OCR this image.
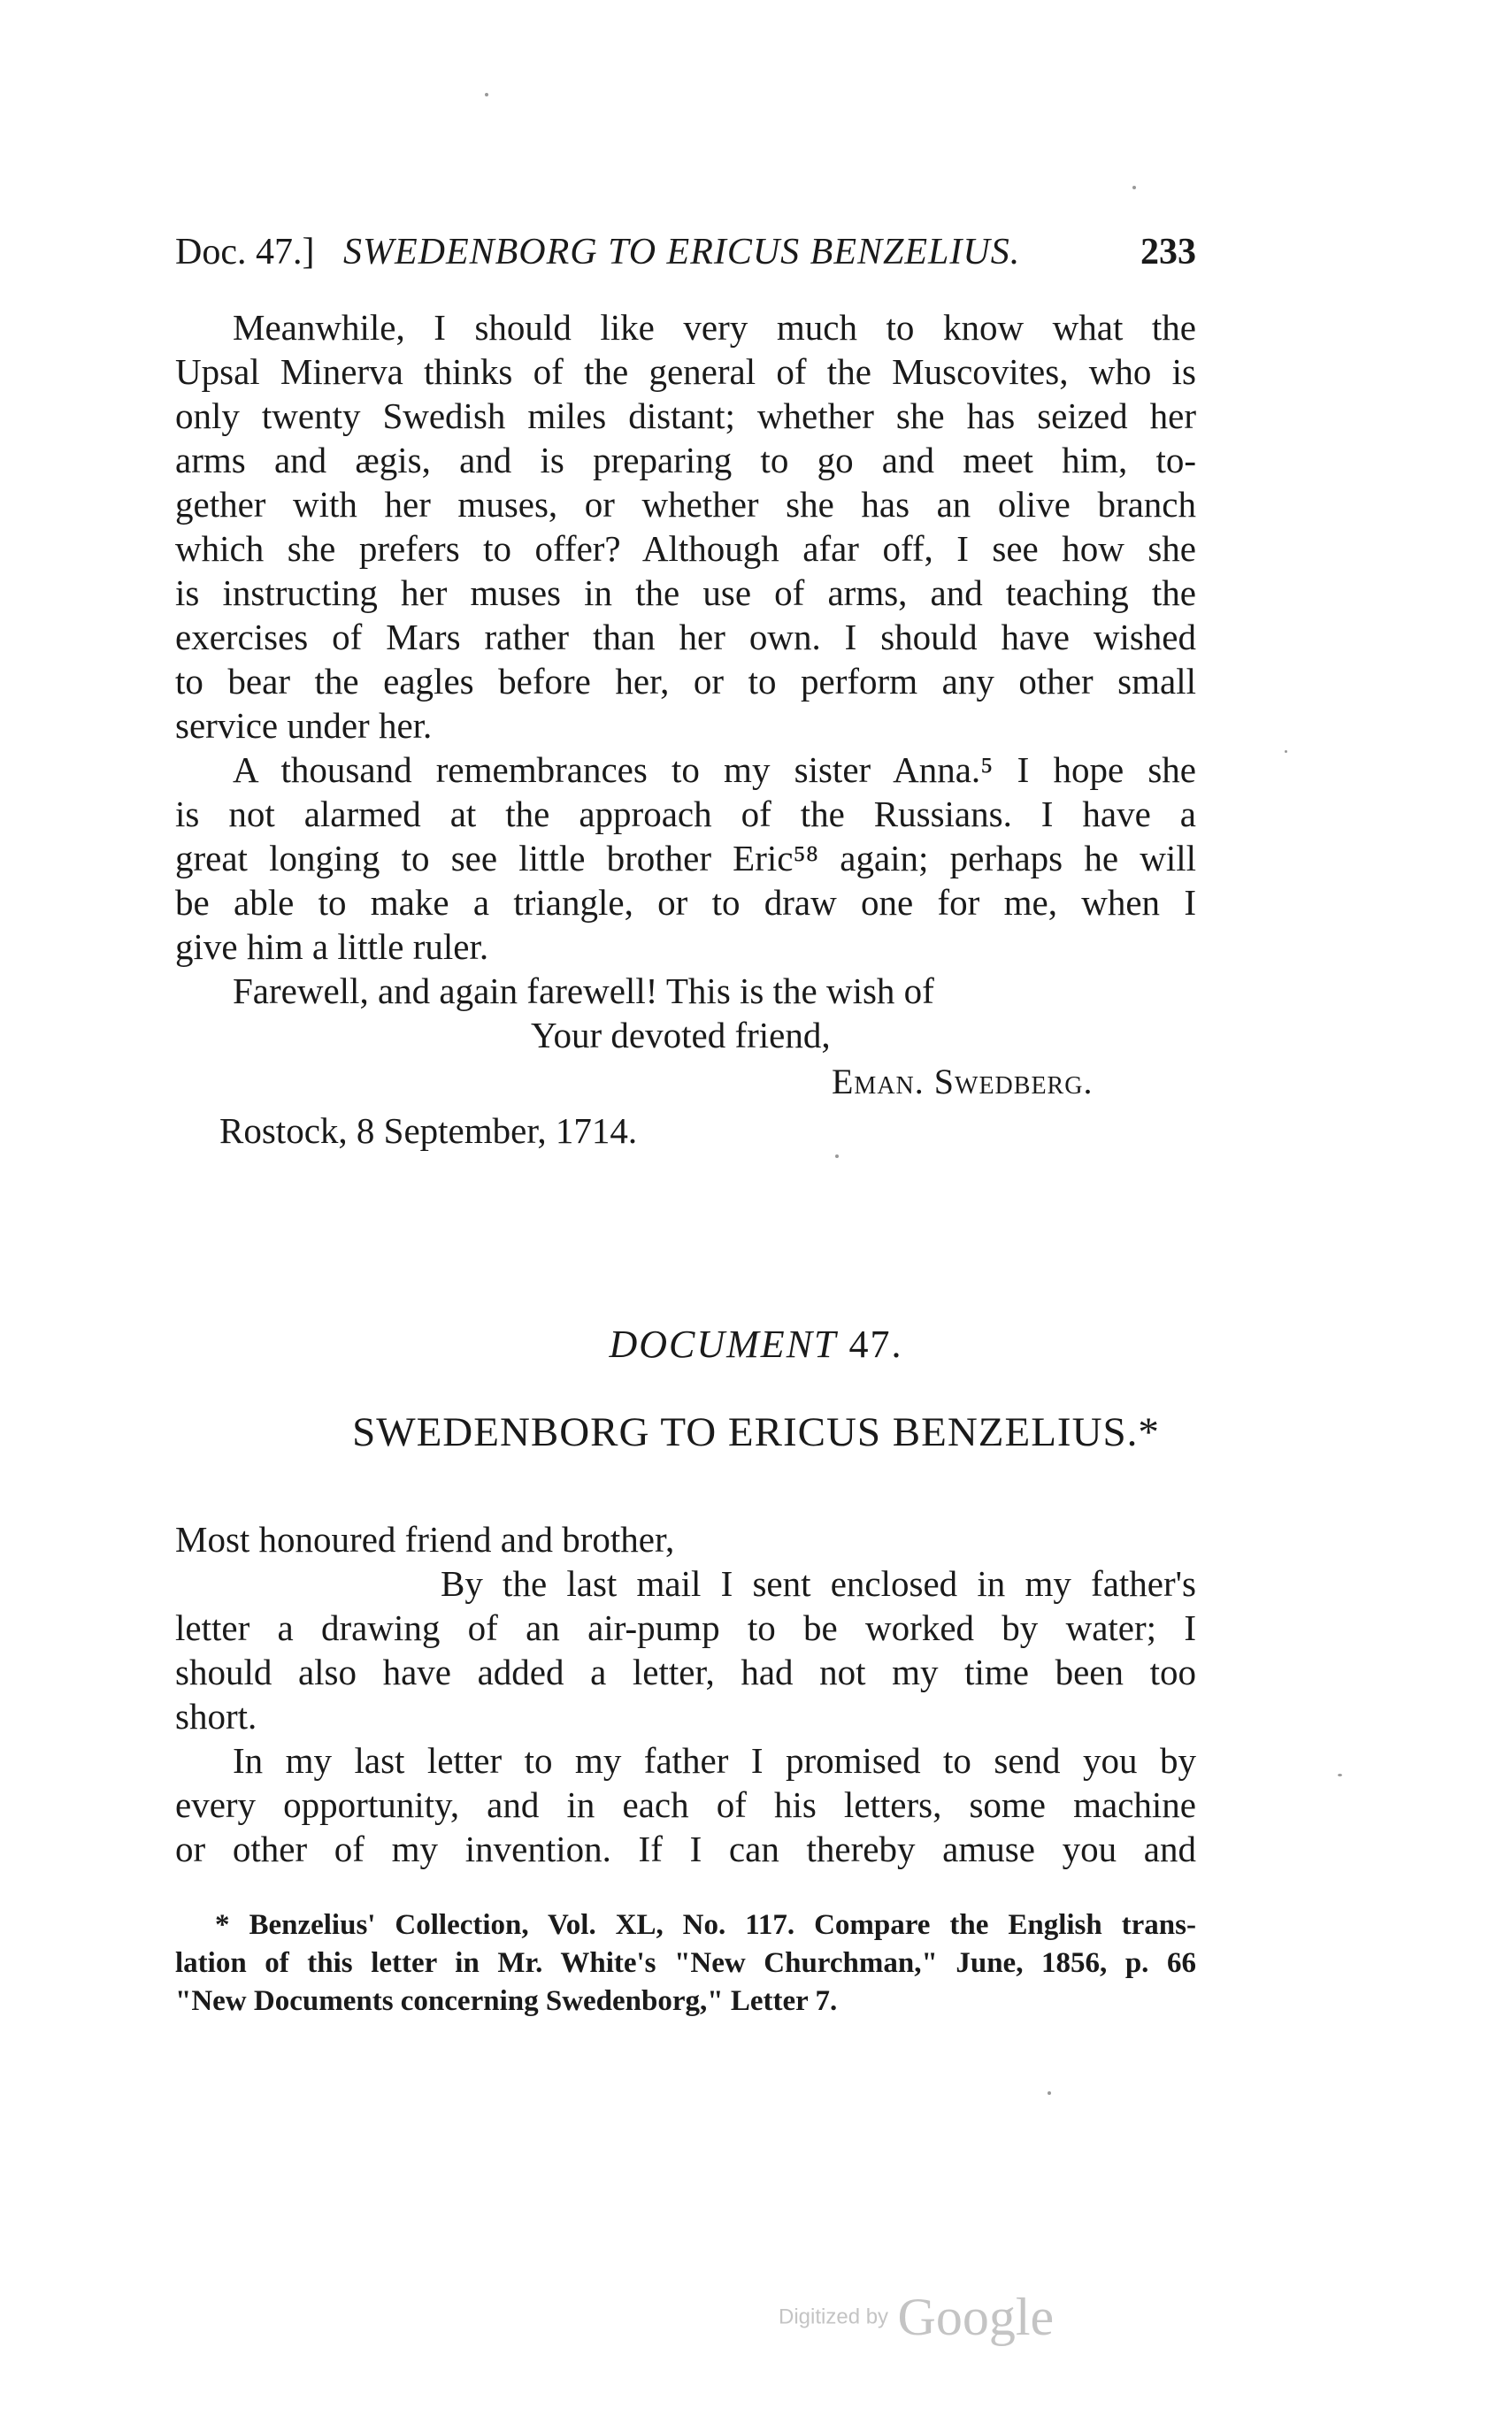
Doc. 47.] SWEDENBORG TO ERICUS BENZELIUS.	233
Meanwhile, I should like very much to know what the
Upsal Minerva thinks of the general of the Muscovites, who is
only twenty Swedish miles distant; whether she has seized her
arms and ægis, and is preparing to go and meet him, to-
gether with her muses, or whether she has an olive branch
which she prefers to offer? Although afar off, I see how she
is instructing her muses in the use of arms, and teaching the
exercises of Mars rather than her own. I should have wished
to bear the eagles before her, or to perform any other small
service under her.
A thousand remembrances to my sister Anna.⁵ I hope she
is not alarmed at the approach of the Russians. I have a
great longing to see little brother Eric⁵⁸ again; perhaps he will
be able to make a triangle, or to draw one for me, when I
give him a little ruler.
Farewell, and again farewell! This is the wish of
Your devoted friend,
Eman. Swedberg.
Rostock, 8 September, 1714.
DOCUMENT 47.
SWEDENBORG TO ERICUS BENZELIUS.*
Most honoured friend and brother,
By the last mail I sent enclosed in my father's
letter a drawing of an air-pump to be worked by water; I
should also have added a letter, had not my time been too
short.
In my last letter to my father I promised to send you by
every opportunity, and in each of his letters, some machine
or other of my invention. If I can thereby amuse you and
* Benzelius' Collection, Vol. XL, No. 117. Compare the English trans-
lation of this letter in Mr. White's "New Churchman," June, 1856, p. 66
"New Documents concerning Swedenborg," Letter 7.
Digitized by Google
